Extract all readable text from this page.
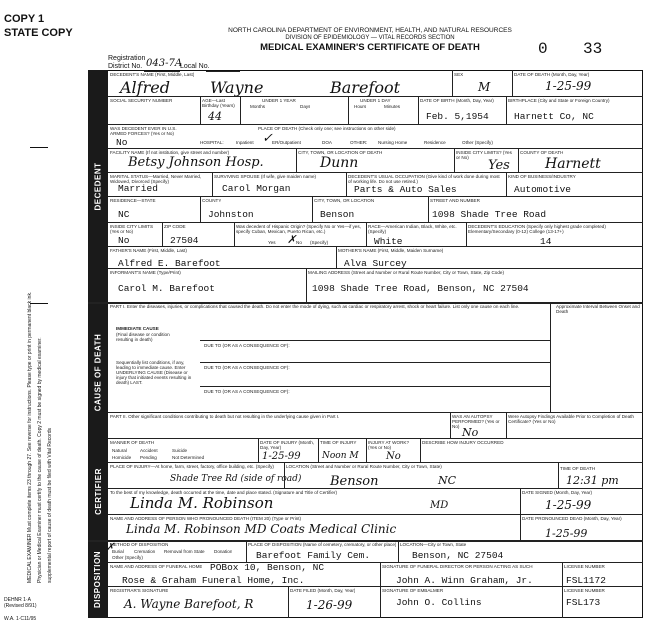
COPY 1
STATE COPY	NORTH CAROLINA DEPARTMENT OF ENVIRONMENT, HEALTH, AND NATURAL RESOURCES
DIVISION OF EPIDEMIOLOGY — VITAL RECORDS SECTION
MEDICAL EXAMINER'S CERTIFICATE OF DEATH	0 33
Registration
District No. 043-7A
Local No.
MEDICAL EXAMINER Must complete items 23 through 27. See reverse for instructions. Please type or print in permanent black ink. Physician or Medical Examiner must certify to the cause of death. Copy 2 must be signed by medical examiner. supplemental report of cause of death must be filed with Vital Records
DEHNR 1·A (Revised 8/91)
W.A. 1·C11/95
DECEDENT
CAUSE OF DEATH
CERTIFIER
DISPOSITION
DECEDENT'S NAME (First, Middle, Last)
Alfred	Wayne	Barefoot
SEX
M
DATE OF DEATH (Month, Day, Year)
1-25-99
SOCIAL SECURITY NUMBER	AGE—Last Birthday (Years)
44
UNDER 1 YEAR
Months	Days
UNDER 1 DAY
Hours	Minutes
DATE OF BIRTH (Month, Day, Year)
Feb. 5,1954
BIRTHPLACE (City and State or Foreign Country)
Harnett Co, NC
WAS DECEDENT EVER IN U.S. ARMED FORCES? (Yes or No)
No
PLACE OF DEATH (Check only one; see instructions on other side)
HOSPITAL:	Inpatient	ER/Outpatient
✓	DOA	OTHER: Nursing Home	Residence	Other (Specify)
FACILITY NAME (If not institution, give street and number)
Betsy Johnson Hosp.
CITY, TOWN, OR LOCATION OF DEATH
Dunn
INSIDE CITY LIMITS? (Yes or No)
Yes
COUNTY OF DEATH
Harnett
MARITAL STATUS—Married, Never Married, Widowed, Divorced (Specify)
Married
SURVIVING SPOUSE (If wife, give maiden name)
Carol Morgan
DECEDENT'S USUAL OCCUPATION (Give kind of work done during most of working life. Do not use retired.)
Parts & Auto Sales
KIND OF BUSINESS/INDUSTRY
Automotive
RESIDENCE—STATE
NC
COUNTY
Johnston
CITY, TOWN, OR LOCATION
Benson
STREET AND NUMBER
1098 Shade Tree Road
INSIDE CITY LIMITS (Yes or No)
No
ZIP CODE
27504
Was decedent of Hispanic Origin? (Specify No or Yes—if yes, specify Cuban, Mexican, Puerto Rican, etc.)
Yes	No
✗	(Specify)
RACE—American Indian, Black, White, etc. (Specify)
White
DECEDENT'S EDUCATION (Specify only highest grade completed) Elementary/Secondary (0-12) College (13-17+)
14
FATHER'S NAME (First, Middle, Last)
Alfred E. Barefoot
MOTHER'S NAME (First, Middle, Maiden Surname)
Alva Surcey
INFORMANT'S NAME (Type/Print)
Carol M. Barefoot
MAILING ADDRESS (Street and Number or Rural Route Number, City or Town, State, Zip Code)
1098 Shade Tree Road, Benson, NC 27504
PART I. Enter the diseases, injuries, or complications that caused the death. Do not enter the mode of dying, such as cardiac or respiratory arrest, shock or heart failure. List only one cause on each line.	Approximate Interval Between Onset and Death
IMMEDIATE CAUSE
(Final disease or condition resulting in death)
Sequentially list conditions, if any, leading to immediate cause. Enter UNDERLYING CAUSE (Disease or injury that initiated events resulting in death) LAST.
DUE TO (OR AS A CONSEQUENCE OF):
DUE TO (OR AS A CONSEQUENCE OF):
DUE TO (OR AS A CONSEQUENCE OF):
PART II. Other significant conditions contributing to death but not resulting in the underlying cause given in Part I.	WAS AN AUTOPSY PERFORMED? (Yes or No) No
Were Autopsy Findings Available Prior to Completion of Death Certificate? (Yes or No)
MANNER OF DEATH
Natural	Accident	Suicide
Homicide Pending	Not Determined
DATE OF INJURY (Month, Day, Year)
1-25-99
TIME OF INJURY
Noon M
INJURY AT WORK? (Yes or No)
No
DESCRIBE HOW INJURY OCCURRED
PLACE OF INJURY—At home, farm, street, factory, office building, etc. (Specify)
Shade Tree Rd (side of road)
LOCATION (Street and Number or Rural Route Number, City or Town, State)
Benson	NC
TIME OF DEATH
12:31 pm
To the best of my knowledge, death occurred at the time, date and place stated. (Signature and Title of Certifier)
Linda M. Robinson	MD
DATE SIGNED (Month, Day, Year)
1-25-99
NAME AND ADDRESS OF PERSON WHO PRONOUNCED DEATH (ITEM 20) (Type or Print)
Linda M. Robinson MD Coats Medical Clinic
DATE PRONOUNCED DEAD (Month, Day, Year)
1-25-99
METHOD OF DISPOSITION
Burial Cremation Removal from State Donation
Other (Specify)
✗	PLACE OF DISPOSITION (Name of cemetery, crematory, or other place)
Barefoot Family Cem.
LOCATION—City or Town, State
Benson, NC 27504
NAME AND ADDRESS OF FUNERAL HOME POBox 10, Benson, NC
Rose & Graham Funeral Home, Inc.
SIGNATURE OF FUNERAL DIRECTOR OR PERSON ACTING AS SUCH
John A. Winn Graham, Jr.
LICENSE NUMBER
FSL1172
REGISTRAR'S SIGNATURE
A. Wayne Barefoot, R
DATE FILED (Month, Day, Year)
1-26-99
SIGNATURE OF EMBALMER
John O. Collins
LICENSE NUMBER
FSL173
